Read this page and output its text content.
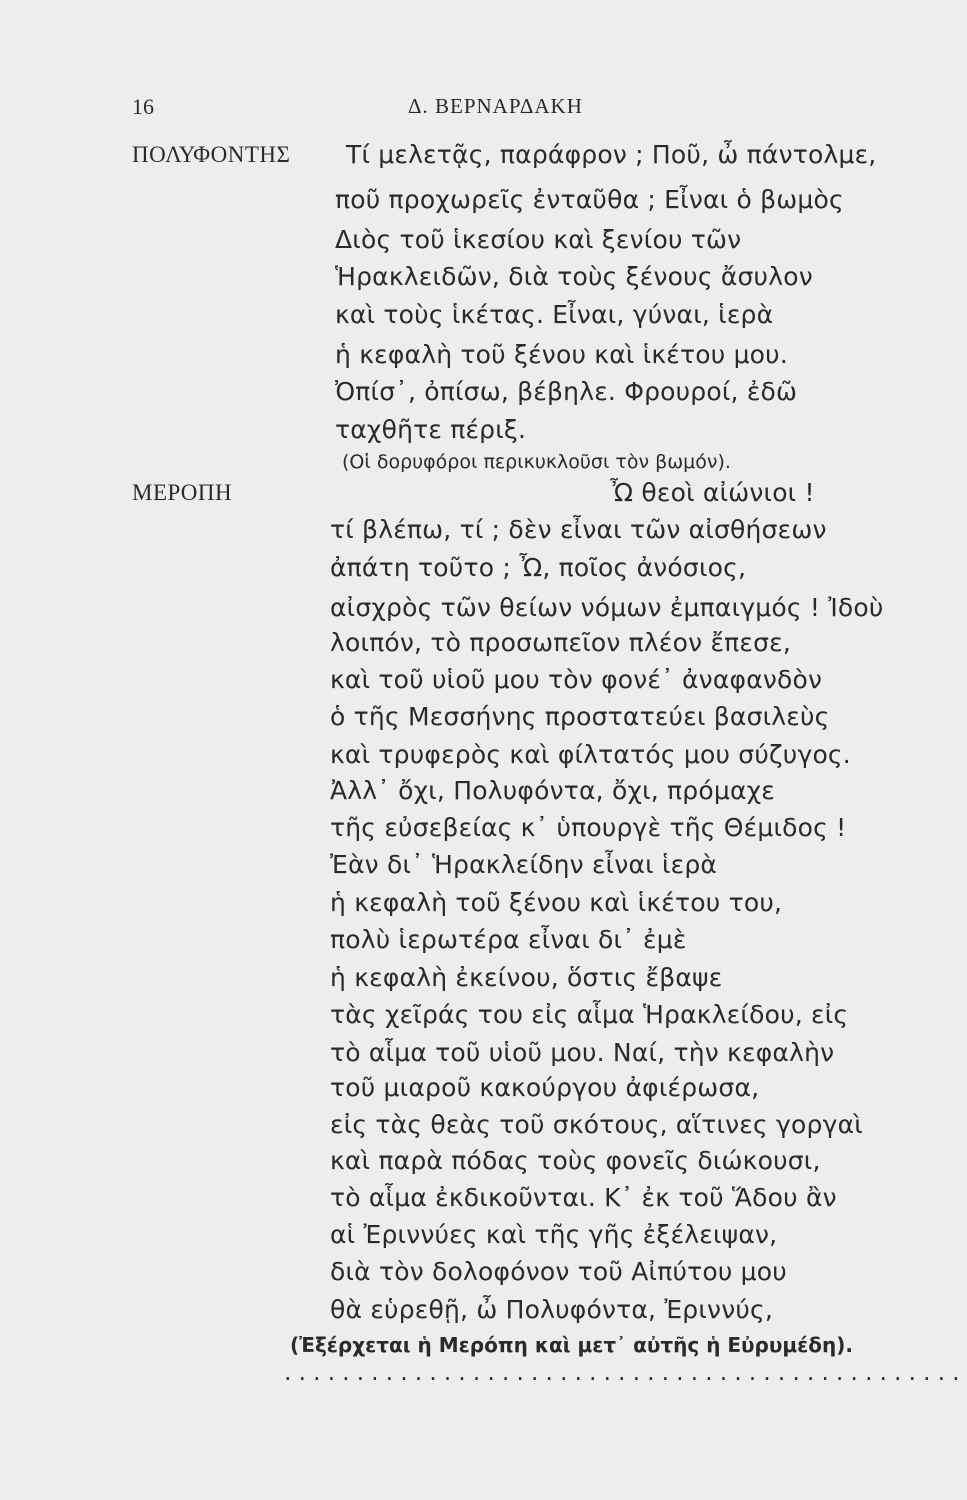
16	Δ. ΒΕΡΝΑΡΔΑΚΗ
ΠΟΛΥΦΟΝΤΗΣ
ΜΕΡΟΠΗ
Τί μελετᾷς, παράφρον ; Ποῦ, ὦ πάντολμε,
ποῦ προχωρεῖς ἐνταῦθα ; Εἶναι ὁ βωμὸς
Διὸς τοῦ ἱκεσίου καὶ ξενίου τῶν
Ἡρακλειδῶν, διὰ τοὺς ξένους ἄσυλον
καὶ τοὺς ἱκέτας. Εἶναι, γύναι, ἱερὰ
ἡ κεφαλὴ τοῦ ξένου καὶ ἱκέτου μου.
Ὀπίσ᾽, ὀπίσω, βέβηλε. Φρουροί, ἐδῶ
ταχθῆτε πέριξ.
(Οἱ δορυφόροι περικυκλοῦσι τὸν βωμόν).
Ὦ θεοὶ αἰώνιοι !
τί βλέπω, τί ; δὲν εἶναι τῶν αἰσθήσεων
ἀπάτη τοῦτο ; Ὦ, ποῖος ἀνόσιος,
αἰσχρὸς τῶν θείων νόμων ἐμπαιγμός ! Ἰδοὺ
λοιπόν, τὸ προσωπεῖον πλέον ἔπεσε,
καὶ τοῦ υἱοῦ μου τὸν φονέ᾽ ἀναφανδὸν
ὁ τῆς Μεσσήνης προστατεύει βασιλεὺς
καὶ τρυφερὸς καὶ φίλτατός μου σύζυγος.
Ἀλλ᾽ ὄχι, Πολυφόντα, ὄχι, πρόμαχε
τῆς εὐσεβείας κ᾽ ὑπουργὲ τῆς Θέμιδος !
Ἐὰν δι᾽ Ἡρακλείδην εἶναι ἱερὰ
ἡ κεφαλὴ τοῦ ξένου καὶ ἱκέτου του,
πολὺ ἱερωτέρα εἶναι δι᾽ ἐμὲ
ἡ κεφαλὴ ἐκείνου, ὅστις ἔβαψε
τὰς χεῖράς του εἰς αἷμα Ἡρακλείδου, εἰς
τὸ αἷμα τοῦ υἱοῦ μου. Ναί, τὴν κεφαλὴν
τοῦ μιαροῦ κακούργου ἀφιέρωσα,
εἰς τὰς θεὰς τοῦ σκότους, αἵτινες γοργαὶ
καὶ παρὰ πόδας τοὺς φονεῖς διώκουσι,
τὸ αἷμα ἐκδικοῦνται. Κ᾽ ἐκ τοῦ Ἅδου ἂν
αἱ Ἐριννύες καὶ τῆς γῆς ἐξέλειψαν,
διὰ τὸν δολοφόνον τοῦ Αἰπύτου μου
θὰ εὑρεθῇ, ὦ Πολυφόντα, Ἐριννύς,
(Ἐξέρχεται ἡ Μερόπη καὶ μετ᾽ αὐτῆς ἡ Εὐρυμέδη).
...............................................
